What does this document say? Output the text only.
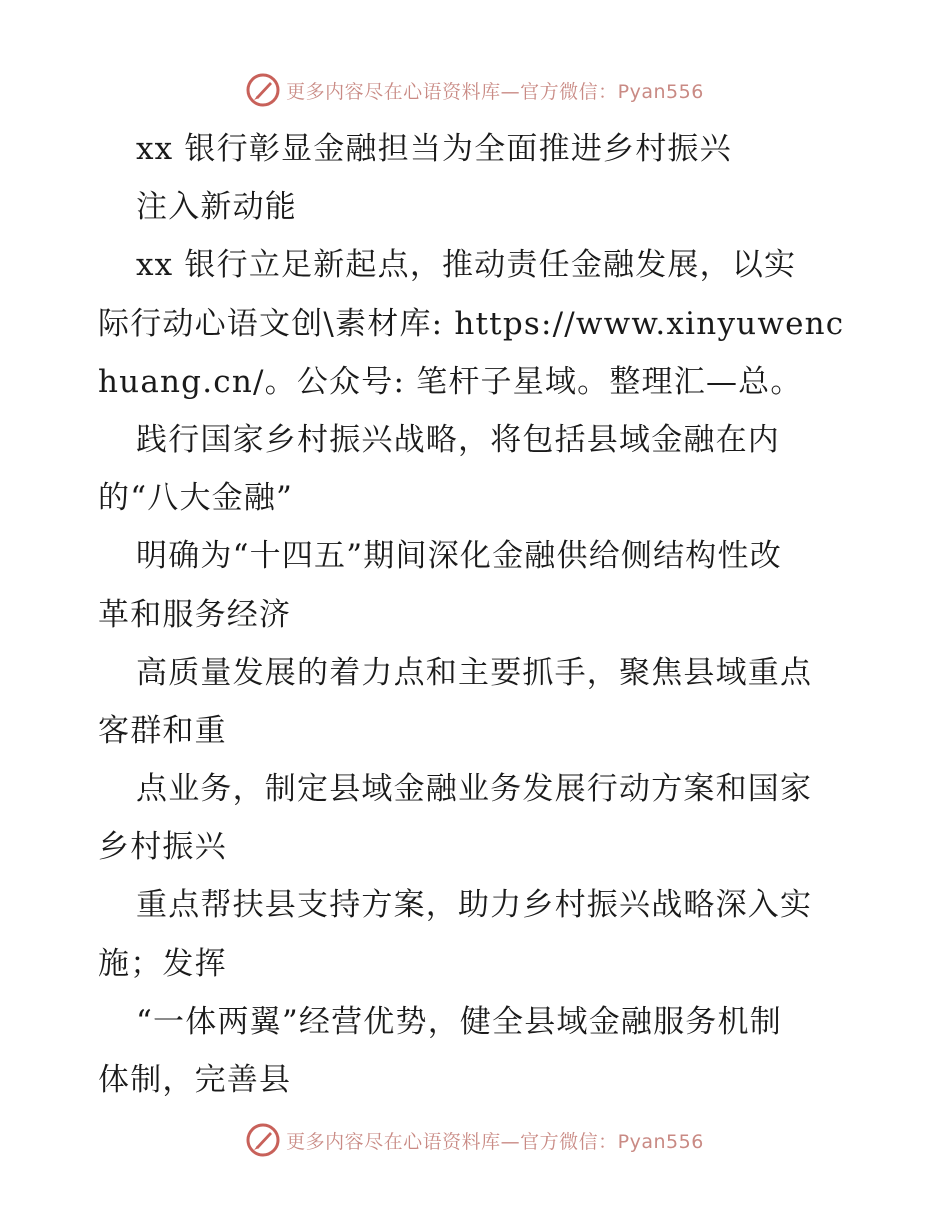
更多内容尽在心语资料库—官方微信：Pyan556
xx 银行彰显金融担当为全面推进乡村振兴
注入新动能
xx 银行立足新起点，推动责任金融发展，以实
际行动心语文创\素材库: https://www.xinyuwenc
huang.cn/。公众号: 笔杆子星域。整理汇—总。
践行国家乡村振兴战略，将包括县域金融在内
的“八大金融”
明确为“十四五”期间深化金融供给侧结构性改
革和服务经济
高质量发展的着力点和主要抓手，聚焦县域重点
客群和重
点业务，制定县域金融业务发展行动方案和国家
乡村振兴
重点帮扶县支持方案，助力乡村振兴战略深入实
施；发挥
“一体两翼”经营优势，健全县域金融服务机制
体制，完善县
更多内容尽在心语资料库—官方微信：Pyan556
